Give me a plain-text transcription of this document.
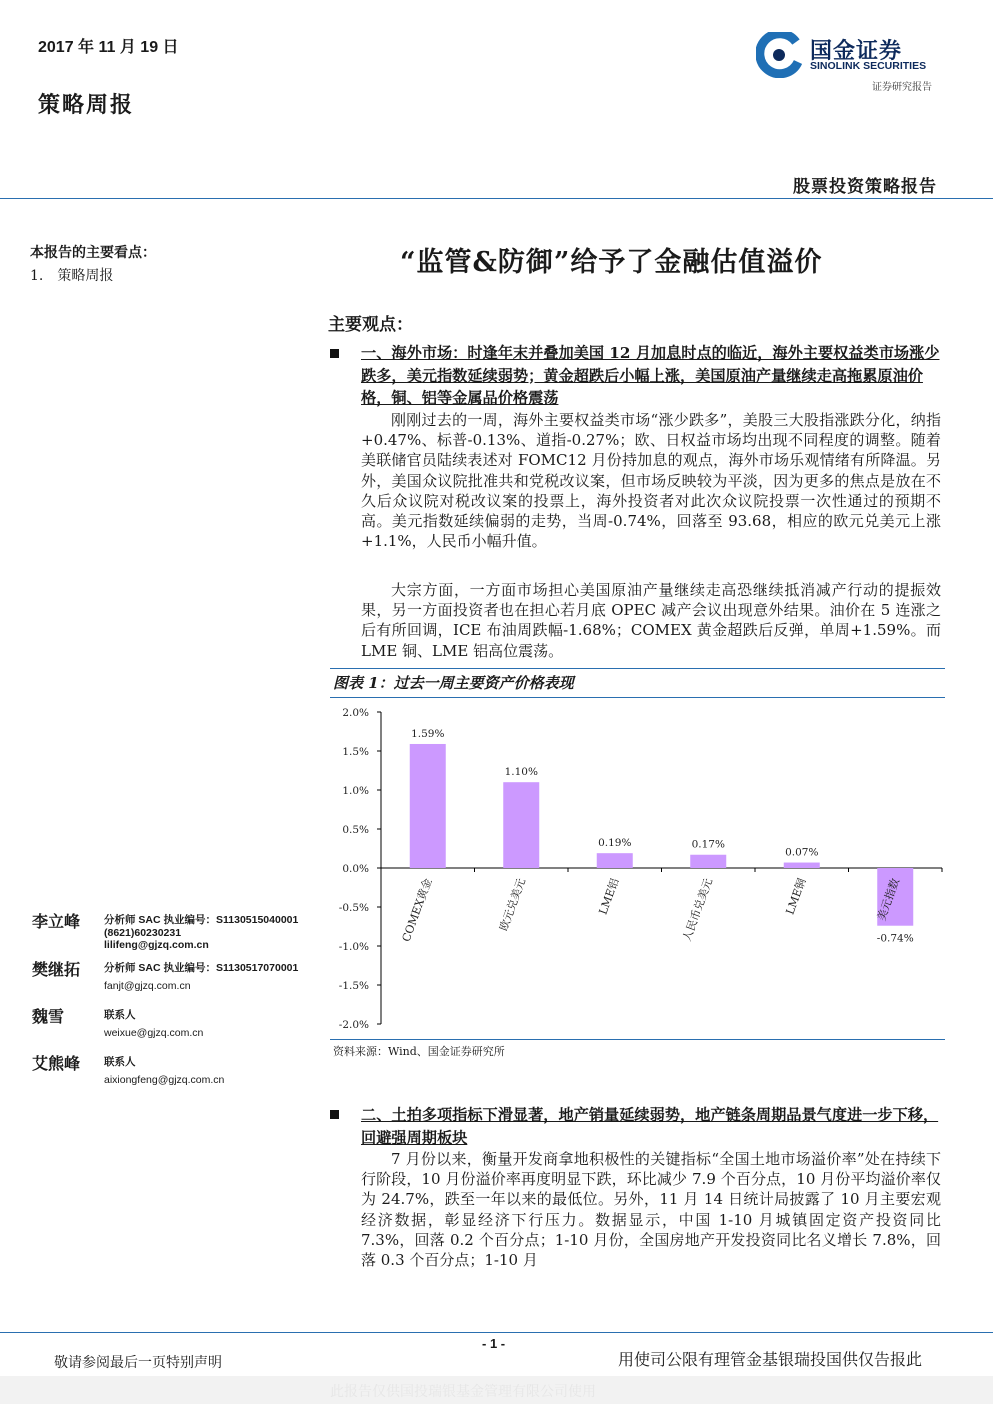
2017 年 11 月 19 日
策略周报
国金证券
SINOLINK SECURITIES
证券研究报告
股票投资策略报告
本报告的主要看点：
1.　策略周报
李立峰 分析师 SAC 执业编号：S1130515040001
(8621)60230231
lilifeng@gjzq.com.cn
樊继拓 分析师 SAC 执业编号：S1130517070001
fanjt@gjzq.com.cn
魏雪	联系人
weixue@gjzq.com.cn
艾熊峰 联系人
aixiongfeng@gjzq.com.cn
“监管&防御”给予了金融估值溢价
主要观点：
一、海外市场：时逢年末并叠加美国 12 月加息时点的临近，海外主要权益类市场涨少跌多，美元指数延续弱势；黄金超跌后小幅上涨，美国原油产量继续走高拖累原油价格，铜、铝等金属品价格震荡
刚刚过去的一周，海外主要权益类市场“涨少跌多”，美股三大股指涨跌分化，纳指+0.47%、标普-0.13%、道指-0.27%；欧、日权益市场均出现不同程度的调整。随着美联储官员陆续表述对 FOMC12 月份持加息的观点，海外市场乐观情绪有所降温。另外，美国众议院批准共和党税改议案，但市场反映较为平淡，因为更多的焦点是放在不久后众议院对税改议案的投票上，海外投资者对此次众议院投票一次性通过的预期不高。美元指数延续偏弱的走势，当周-0.74%，回落至 93.68，相应的欧元兑美元上涨+1.1%，人民币小幅升值。
大宗方面，一方面市场担心美国原油产量继续走高恐继续抵消减产行动的提振效果，另一方面投资者也在担心若月底 OPEC 减产会议出现意外结果。油价在 5 连涨之后有所回调，ICE 布油周跌幅-1.68%；COMEX 黄金超跌后反弹，单周+1.59%。而 LME 铜、LME 铝高位震荡。
图表 1：过去一周主要资产价格表现
2.0%
1.5%
1.0%
0.5%
0.0%
-0.5%
-1.0%
-1.5%
-2.0%
1.59%
COMEX黄金
1.10%
欧元兑美元
0.19%
LME铝
0.17%
人民币兑美元
0.07%
LME铜
-0.74%
美元指数
资料来源：Wind、国金证券研究所
二、土拍多项指标下滑显著，地产销量延续弱势，地产链条周期品景气度进一步下移，回避强周期板块
7 月份以来，衡量开发商拿地积极性的关键指标“全国土地市场溢价率”处在持续下行阶段，10 月份溢价率再度明显下跌，环比减少 7.9 个百分点，10 月份平均溢价率仅为 24.7%，跌至一年以来的最低位。另外，11 月 14 日统计局披露了 10 月主要宏观经济数据，彰显经济下行压力。数据显示，中国 1-10 月城镇固定资产投资同比 7.3%，回落 0.2 个百分点；1-10 月份，全国房地产开发投资同比名义增长 7.8%，回落 0.3 个百分点；1-10 月
- 1 -
敬请参阅最后一页特别声明	用使司公限有理管金基银瑞投国供仅告报此
此报告仅供国投瑞银基金管理有限公司使用
